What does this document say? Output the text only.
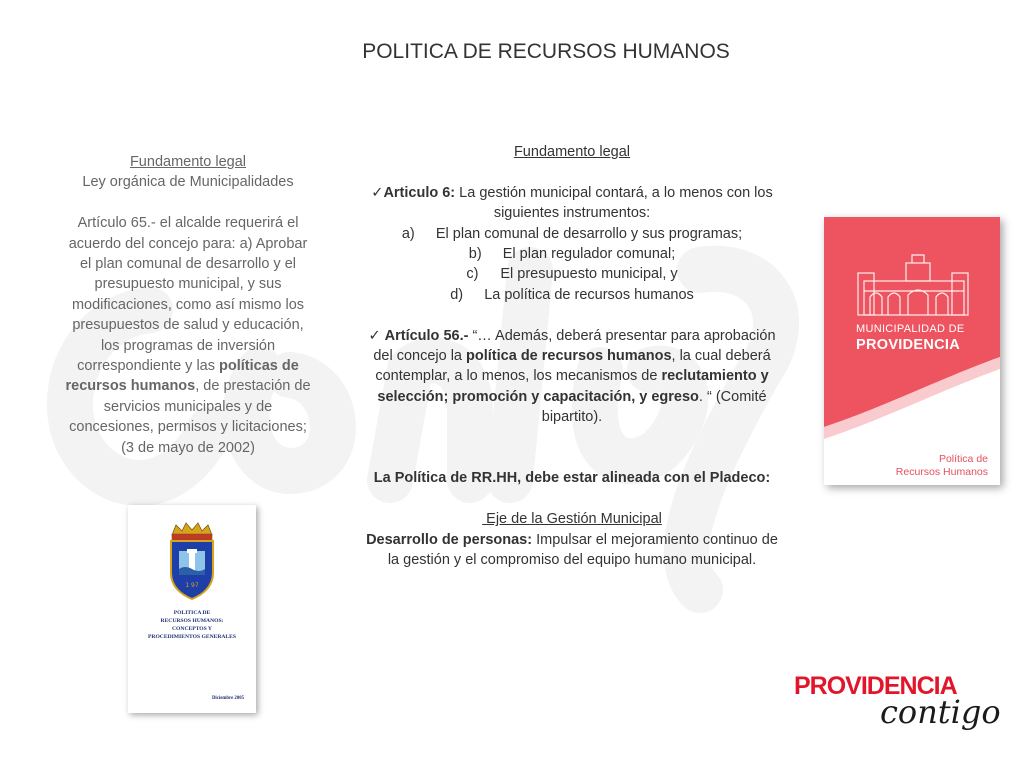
POLITICA DE RECURSOS HUMANOS
Fundamento legal
Ley orgánica de Municipalidades
Artículo 65.- el alcalde requerirá el acuerdo del concejo para: a) Aprobar el plan comunal de desarrollo y el presupuesto municipal, y sus modificaciones, como así mismo los presupuestos de salud y educación, los programas de inversión correspondiente y las políticas de recursos humanos, de prestación de servicios municipales y de concesiones, permisos y licitaciones; (3 de mayo de 2002)

Fundamento legal

✓Articulo 6: La gestión municipal contará, a lo menos con los siguientes instrumentos:

a) El plan comunal de desarrollo y sus programas;
b) El plan regulador comunal;
c) El presupuesto municipal, y
d) La política de recursos humanos

✓ Artículo 56.- “… Además, deberá presentar para aprobación del concejo la política de recursos humanos, la cual deberá contemplar, a lo menos, los mecanismos de reclutamiento y selección; promoción y capacitación, y egreso. “ (Comité bipartito).

La Política de RR.HH, debe estar alineada con el Pladeco:

Eje de la Gestión Municipal

Desarrollo de personas: Impulsar el mejoramiento continuo de la gestión y el compromiso del equipo humano municipal.

1 97
POLITICA DE
RECURSOS HUMANOS:
CONCEPTOS Y
PROCEDIMIENTOS GENERALES
Diciembre 2005
MUNICIPALIDAD DE
PROVIDENCIA
Política de
Recursos Humanos
PROVIDENCIA
contigo
